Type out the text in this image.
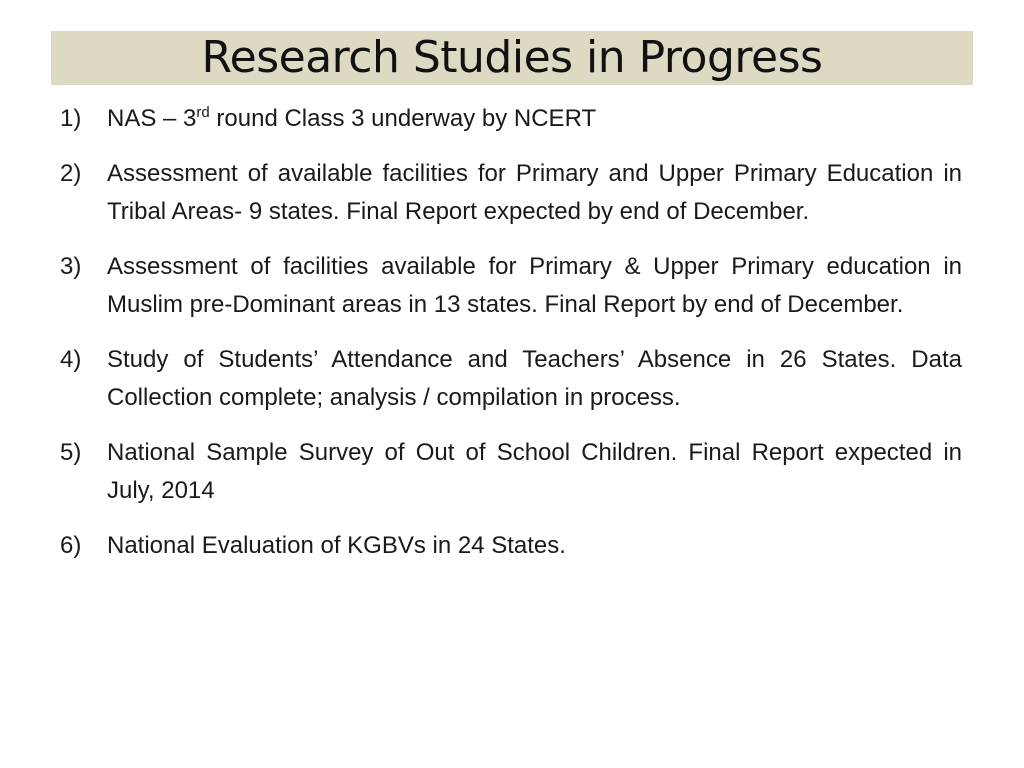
Research Studies in Progress
1)	NAS – 3rd round Class 3 underway by NCERT
2)	Assessment of available facilities for Primary and Upper Primary Education in Tribal Areas- 9 states. Final Report expected by end of December.
3)	Assessment of facilities available for Primary & Upper Primary education in Muslim pre-Dominant areas in 13 states. Final Report by end of December.
4)	Study of Students’ Attendance and Teachers’ Absence in 26 States. Data Collection complete; analysis / compilation in process.
5)	National Sample Survey of Out of School Children. Final Report expected in July, 2014
6)	National Evaluation of KGBVs in 24 States.
